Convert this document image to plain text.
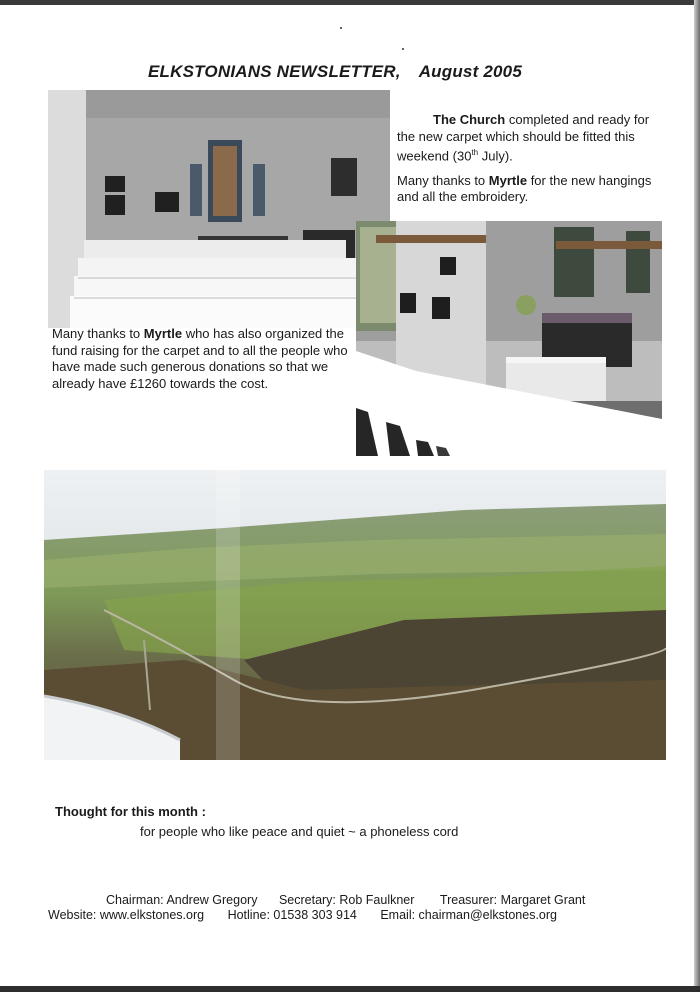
ELKSTONIANS NEWSLETTER, August 2005
The Church completed and ready for the new carpet which should be fitted this weekend (30th July).
Many thanks to Myrtle for the new hangings and all the embroidery.
Many thanks to Myrtle who has also organized the fund raising for the carpet and to all the people who have made such generous donations so that we already have £1260 towards the cost.
Thought for this month :
for people who like peace and quiet ~ a phoneless cord
Chairman: Andrew Gregory Secretary: Rob Faulkner Treasurer: Margaret Grant
Website: www.elkstones.org Hotline: 01538 303 914 Email: chairman@elkstones.org
